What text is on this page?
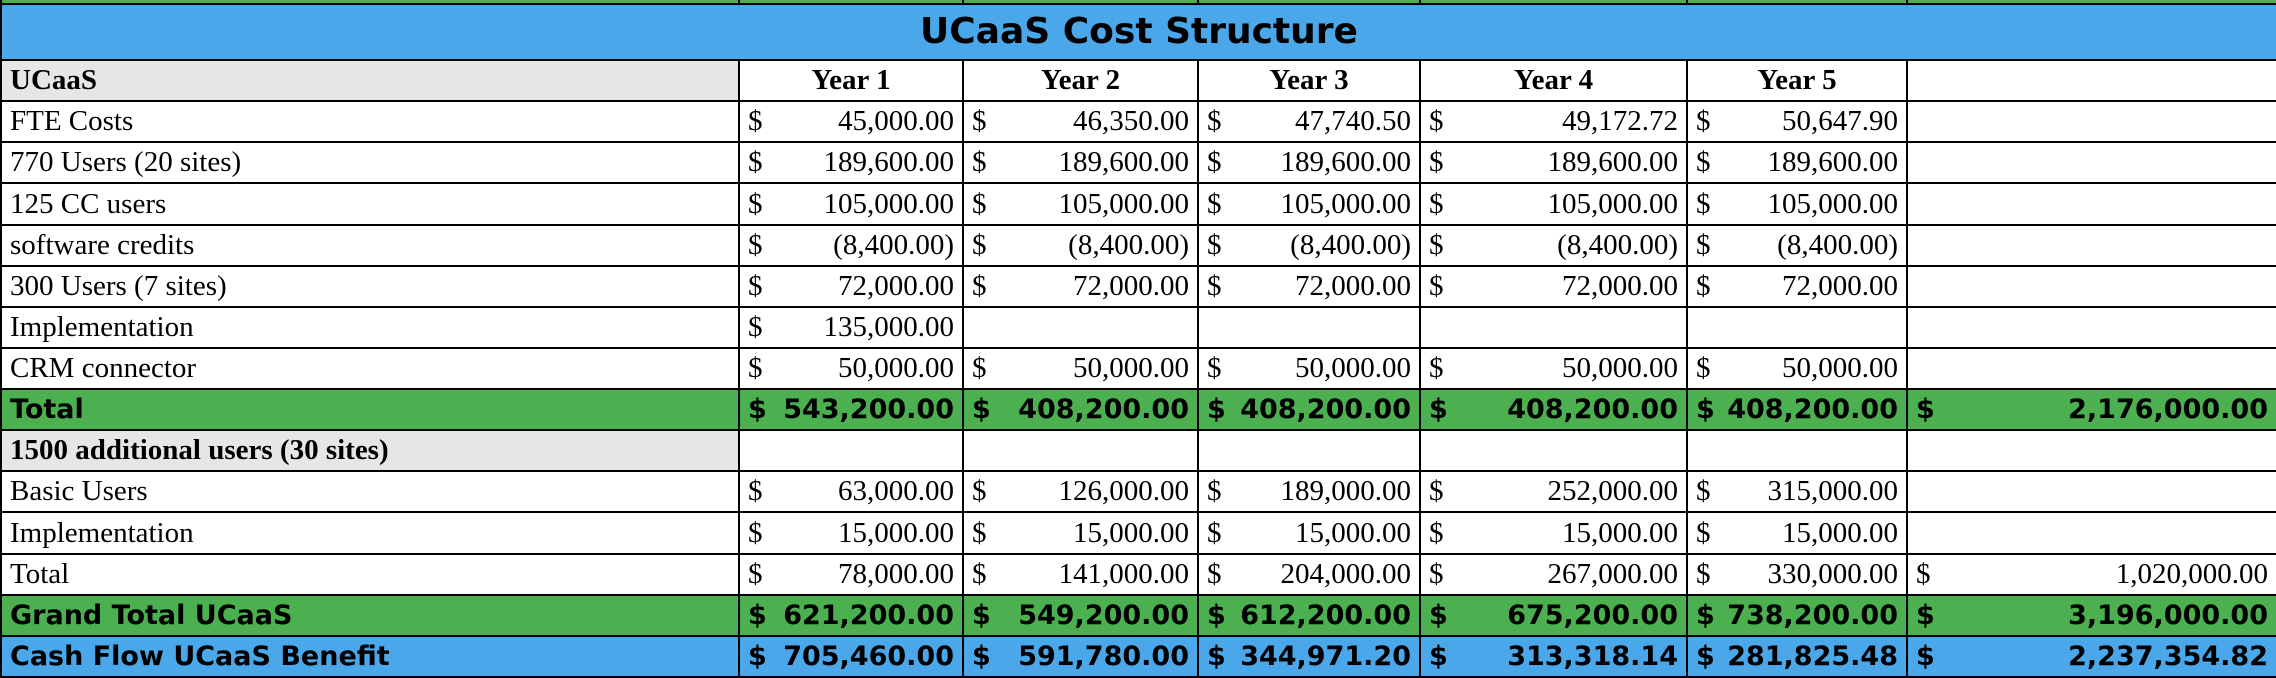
UCaaS Cost Structure						
UCaaS	Year 1	Year 2	Year 3	Year 4	Year 5	
FTE Costs	$ 45,000.00	$ 46,350.00	$ 47,740.50	$ 49,172.72	$ 50,647.90	

770 Users (20 sites)	$ 189,600.00	$ 189,600.00	$ 189,600.00	$ 189,600.00	$ 189,600.00	

125 CC users	$ 105,000.00	$ 105,000.00	$ 105,000.00	$ 105,000.00	$ 105,000.00	

software credits	$ (8,400.00)	$ (8,400.00)	$ (8,400.00)	$ (8,400.00)	$ (8,400.00)	

300 Users (7 sites)	$ 72,000.00	$ 72,000.00	$ 72,000.00	$ 72,000.00	$ 72,000.00	

Implementation	$ 135,000.00					

CRM connector	$ 50,000.00	$ 50,000.00	$ 50,000.00	$ 50,000.00	$ 50,000.00	

Total	$ 543,200.00	$ 408,200.00	$ 408,200.00	$ 408,200.00	$ 408,200.00	$ 2,176,000.00

1500 additional users (30 sites)						
Basic Users	$ 63,000.00	$ 126,000.00	$ 189,000.00	$ 252,000.00	$ 315,000.00	

Implementation	$ 15,000.00	$ 15,000.00	$ 15,000.00	$ 15,000.00	$ 15,000.00	

Total	$ 78,000.00	$ 141,000.00	$ 204,000.00	$ 267,000.00	$ 330,000.00	$ 1,020,000.00

Grand Total UCaaS	$ 621,200.00	$ 549,200.00	$ 612,200.00	$ 675,200.00	$ 738,200.00	$ 3,196,000.00

Cash Flow UCaaS Benefit	$ 705,460.00	$ 591,780.00	$ 344,971.20	$ 313,318.14	$ 281,825.48	$ 2,237,354.82
